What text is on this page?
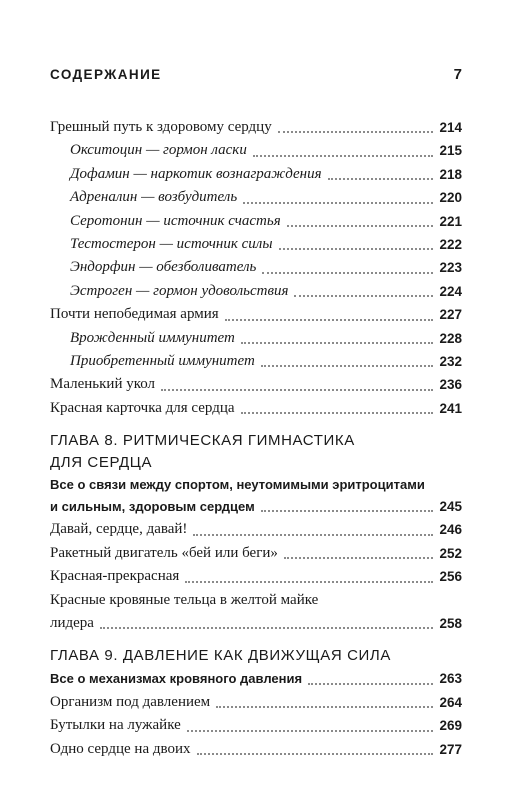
СОДЕРЖАНИЕ	7
Грешный путь к здоровому сердцу	214
Окситоцин — гормон ласки	215
Дофамин — наркотик вознаграждения	218
Адреналин — возбудитель	220
Серотонин — источник счастья	221
Тестостерон — источник силы	222
Эндорфин — обезболиватель	223
Эстроген — гормон удовольствия	224
Почти непобедимая армия	227
Врожденный иммунитет	228
Приобретенный иммунитет	232
Маленький укол	236
Красная карточка для сердца	241
ГЛАВА 8. РИТМИЧЕСКАЯ ГИМНАСТИКА
ДЛЯ СЕРДЦА
Все о связи между спортом, неутомимыми эритроцитами
и сильным, здоровым сердцем	245
Давай, сердце, давай!	246
Ракетный двигатель «бей или беги»	252
Красная-прекрасная	256
Красные кровяные тельца в желтой майке
лидера	258
ГЛАВА 9. ДАВЛЕНИЕ КАК ДВИЖУЩАЯ СИЛА
Все о механизмах кровяного давления	263
Организм под давлением	264
Бутылки на лужайке	269
Одно сердце на двоих	277
